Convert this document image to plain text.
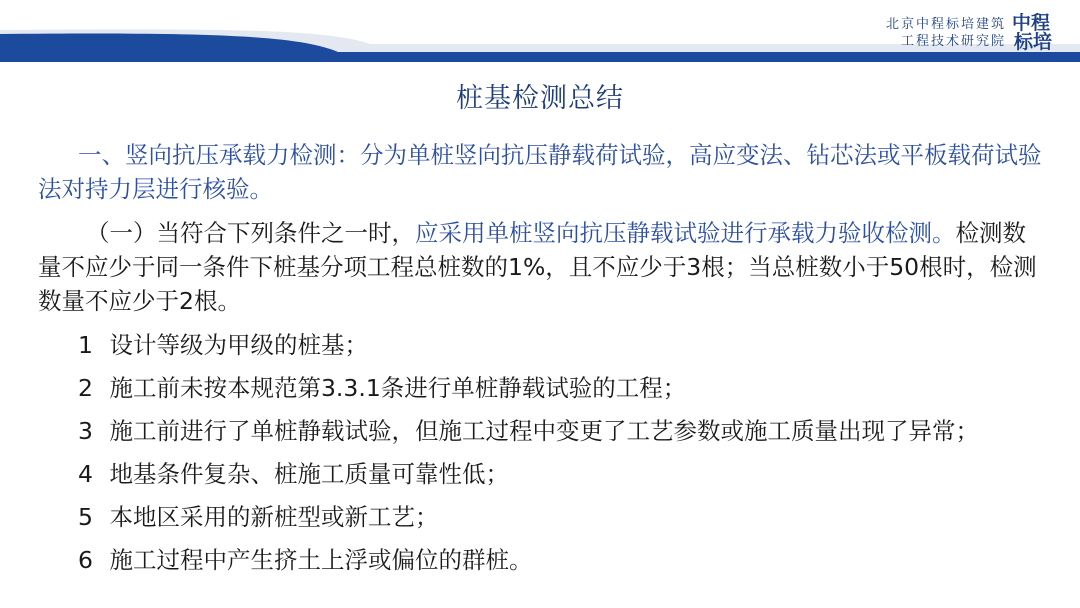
北京中程标培建筑
工程技术研究院
中程
标培
桩基检测总结

一、竖向抗压承载力检测：分为单桩竖向抗压静载荷试验，高应变法、钻芯法或平板载荷试验法对持力层进行核验。

（一）当符合下列条件之一时，应采用单桩竖向抗压静载试验进行承载力验收检测。检测数量不应少于同一条件下桩基分项工程总桩数的1%，且不应少于3根；当总桩数小于50根时，检测数量不应少于2根。

1 设计等级为甲级的桩基；
2 施工前未按本规范第3.3.1条进行单桩静载试验的工程；
3 施工前进行了单桩静载试验，但施工过程中变更了工艺参数或施工质量出现了异常；
4 地基条件复杂、桩施工质量可靠性低；
5 本地区采用的新桩型或新工艺；
6 施工过程中产生挤土上浮或偏位的群桩。
